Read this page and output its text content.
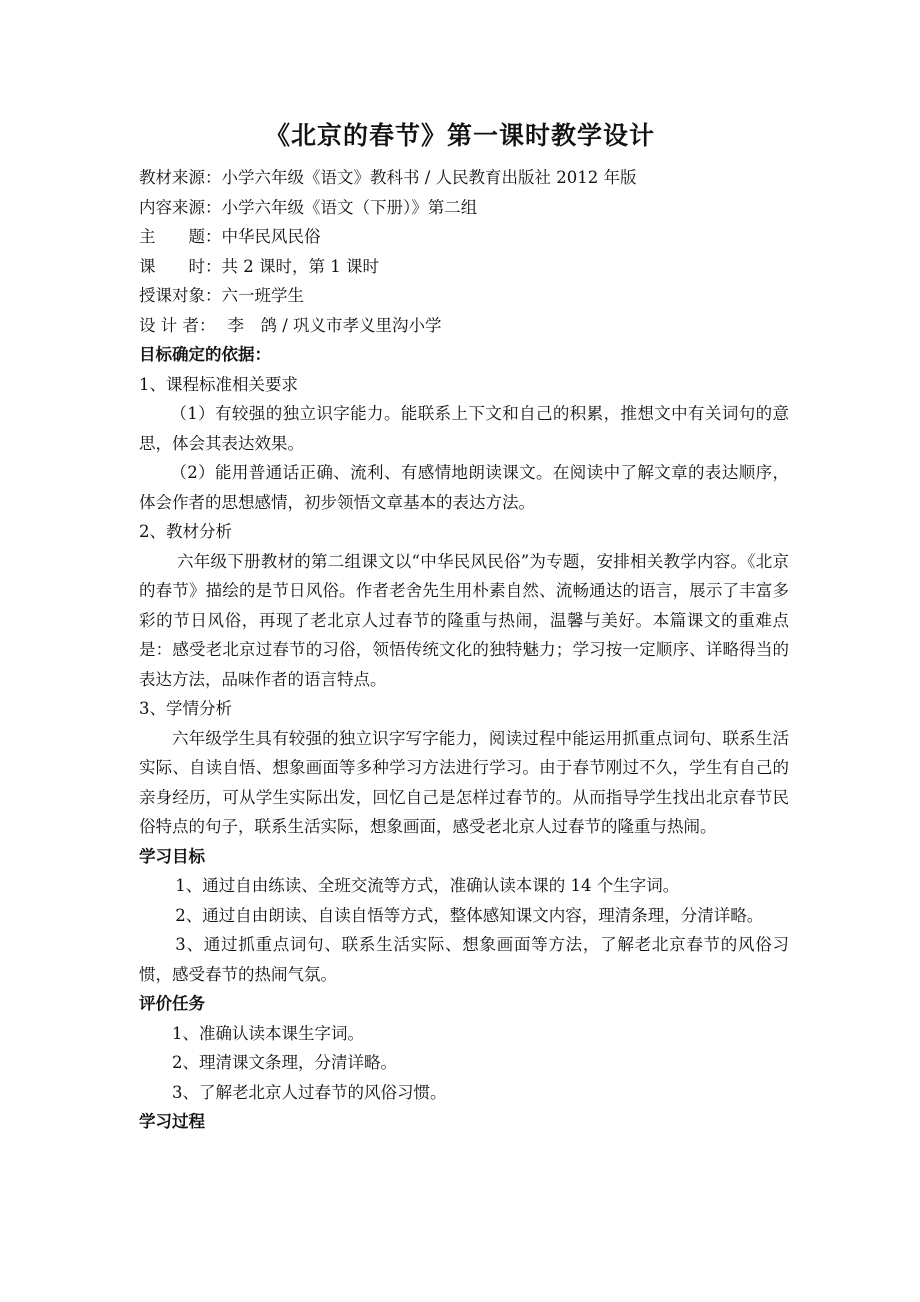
《北京的春节》第一课时教学设计
教材来源： 小学六年级《语文》教科书 / 人民教育出版社 2012 年版
内容来源： 小学六年级《语文（下册）》第二组
主　　题： 中华民风民俗
课　　时： 共 2 课时，第 1 课时
授课对象： 六一班学生
设 计 者： 李　鸽 / 巩义市孝义里沟小学
目标确定的依据：
1、课程标准相关要求
（1）有较强的独立识字能力。能联系上下文和自己的积累，推想文中有关词句的意思，体会其表达效果。
（2）能用普通话正确、流利、有感情地朗读课文。在阅读中了解文章的表达顺序，体会作者的思想感情，初步领悟文章基本的表达方法。
2、教材分析
六年级下册教材的第二组课文以“中华民风民俗”为专题，安排相关教学内容。《北京的春节》描绘的是节日风俗。作者老舍先生用朴素自然、流畅通达的语言，展示了丰富多彩的节日风俗，再现了老北京人过春节的隆重与热闹，温馨与美好。本篇课文的重难点是：感受老北京过春节的习俗，领悟传统文化的独特魅力；学习按一定顺序、详略得当的表达方法，品味作者的语言特点。
3、学情分析
六年级学生具有较强的独立识字写字能力，阅读过程中能运用抓重点词句、联系生活实际、自读自悟、想象画面等多种学习方法进行学习。由于春节刚过不久，学生有自己的亲身经历，可从学生实际出发，回忆自己是怎样过春节的。从而指导学生找出北京春节民俗特点的句子，联系生活实际，想象画面，感受老北京人过春节的隆重与热闹。
学习目标
1、通过自由练读、全班交流等方式，准确认读本课的 14 个生字词。
2、通过自由朗读、自读自悟等方式，整体感知课文内容，理清条理，分清详略。
3、通过抓重点词句、联系生活实际、想象画面等方法，了解老北京春节的风俗习惯，感受春节的热闹气氛。
评价任务
1、准确认读本课生字词。
2、理清课文条理，分清详略。
3、了解老北京人过春节的风俗习惯。
学习过程
